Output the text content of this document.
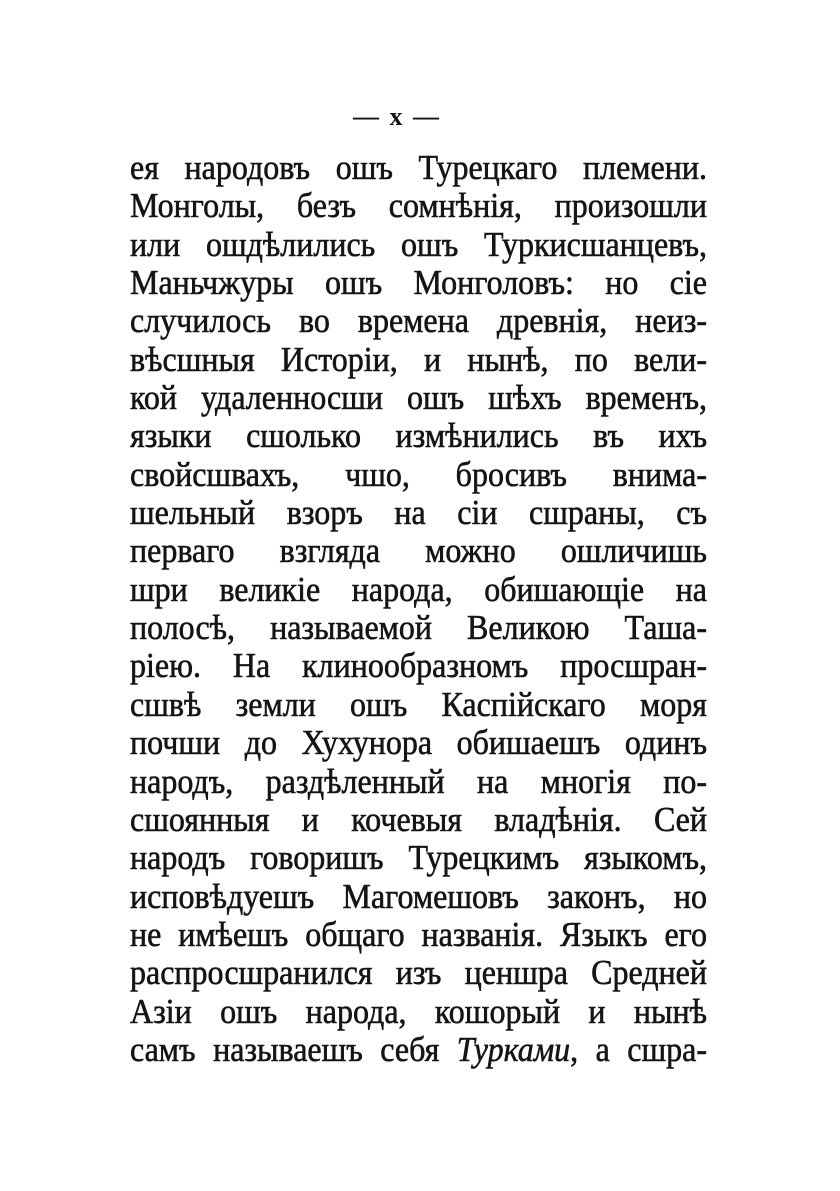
— x —
ея народовъ ошъ Турецкаго племени.
Монголы, безъ сомнѣнія, произошли
или ошдѣлились ошъ Туркисшанцевъ,
Маньчжуры ошъ Монголовъ: но сіе
случилось во времена древнія, неиз-
вѣсшныя Исторіи, и нынѣ, по вели-
кой удаленносши ошъ шѣхъ временъ,
языки сшолько измѣнились въ ихъ
свойсшвахъ, чшо, бросивъ внима-
шельный взоръ на сіи сшраны, съ
перваго взгляда можно ошличишь
шри великіе народа, обишающіе на
полосѣ, называемой Великою Таша-
ріею. На клинообразномъ просшран-
сшвѣ земли ошъ Каспійскаго моря
почши до Хухунора обишаешъ одинъ
народъ, раздѣленный на многія по-
сшоянныя и кочевыя владѣнія. Сей
народъ говоришъ Турецкимъ языкомъ,
исповѣдуешъ Магомешовъ законъ, но
не имѣешъ общаго названія. Языкъ его
распросшранился изъ ценшра Средней
Азіи ошъ народа, кошорый и нынѣ
самъ называешъ себя Турками, а сшра-
